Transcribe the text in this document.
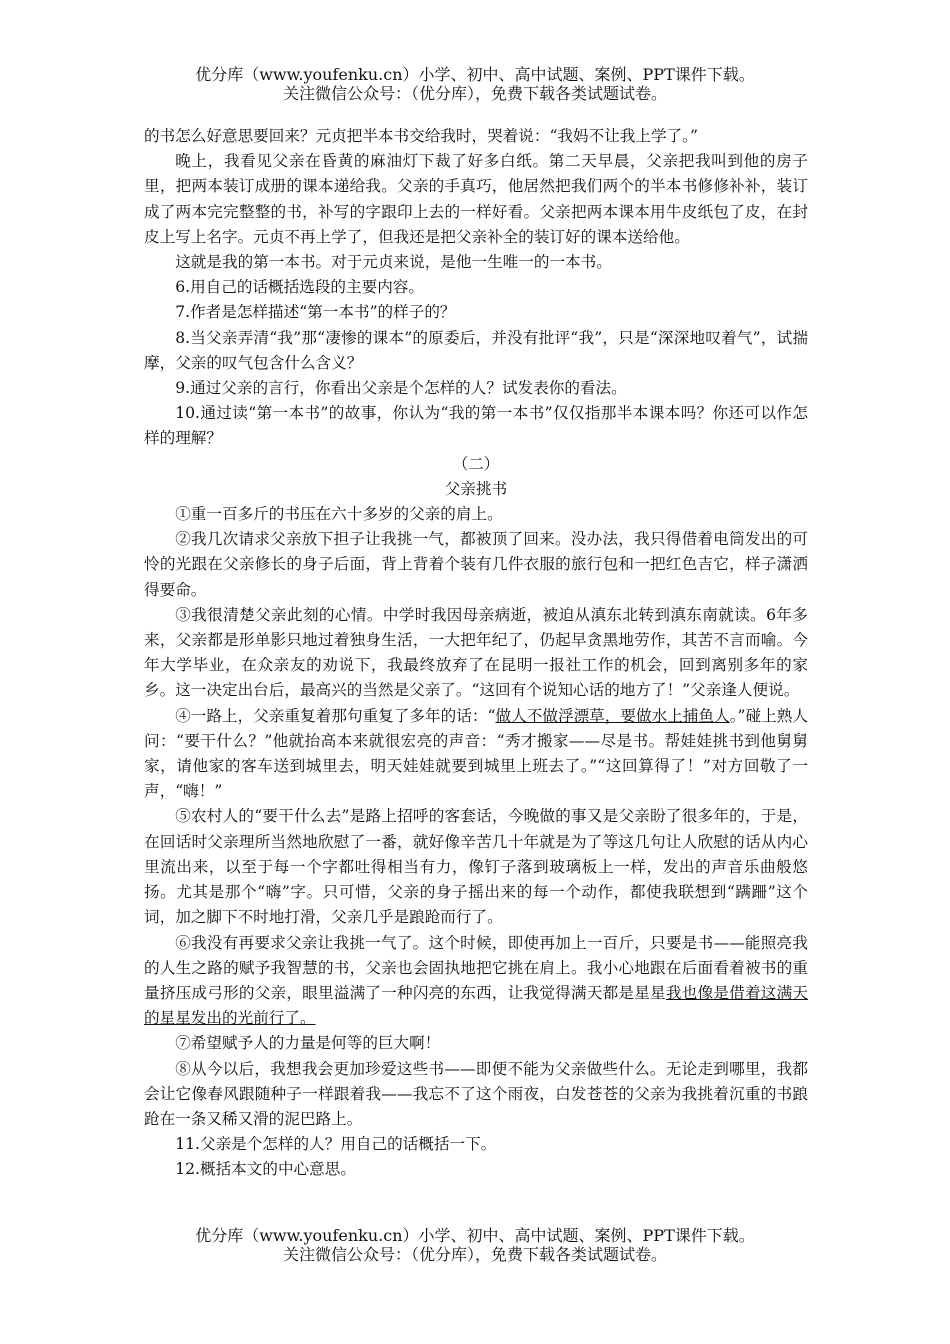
优分库（www.youfenku.cn）小学、初中、高中试题、案例、PPT课件下载。
关注微信公众号：（优分库），免费下载各类试题试卷。

的书怎么好意思要回来？元贞把半本书交给我时，哭着说：“我妈不让我上学了。”

晚上，我看见父亲在昏黄的麻油灯下裁了好多白纸。第二天早晨，父亲把我叫到他的房子里，把两本装订成册的课本递给我。父亲的手真巧，他居然把我们两个的半本书修修补补，装订成了两本完完整整的书，补写的字跟印上去的一样好看。父亲把两本课本用牛皮纸包了皮，在封皮上写上名字。元贞不再上学了，但我还是把父亲补全的装订好的课本送给他。

这就是我的第一本书。对于元贞来说，是他一生唯一的一本书。

6.用自己的话概括选段的主要内容。

7.作者是怎样描述“第一本书”的样子的？

8.当父亲弄清“我”那“凄惨的课本”的原委后，并没有批评“我”，只是“深深地叹着气”，试揣摩，父亲的叹气包含什么含义？

9.通过父亲的言行，你看出父亲是个怎样的人？试发表你的看法。

10.通过读“第一本书”的故事，你认为“我的第一本书”仅仅指那半本课本吗？你还可以作怎样的理解？

（二）

父亲挑书

①重一百多斤的书压在六十多岁的父亲的肩上。

②我几次请求父亲放下担子让我挑一气，都被顶了回来。没办法，我只得借着电筒发出的可怜的光跟在父亲修长的身子后面，背上背着个装有几件衣服的旅行包和一把红色吉它，样子潇洒得要命。

③我很清楚父亲此刻的心情。中学时我因母亲病逝，被迫从滇东北转到滇东南就读。6年多来，父亲都是形单影只地过着独身生活，一大把年纪了，仍起早贪黑地劳作，其苦不言而喻。今年大学毕业，在众亲友的劝说下，我最终放弃了在昆明一报社工作的机会，回到离别多年的家乡。这一决定出台后，最高兴的当然是父亲了。“这回有个说知心话的地方了！”父亲逢人便说。

④一路上，父亲重复着那句重复了多年的话：“做人不做浮漂草，要做水上捕鱼人。”碰上熟人问：“要干什么？”他就抬高本来就很宏亮的声音：“秀才搬家——尽是书。帮娃娃挑书到他舅舅家，请他家的客车送到城里去，明天娃娃就要到城里上班去了。”“这回算得了！”对方回敬了一声，“嗨！”

⑤农村人的“要干什么去”是路上招呼的客套话，今晚做的事又是父亲盼了很多年的，于是，在回话时父亲理所当然地欣慰了一番，就好像辛苦几十年就是为了等这几句让人欣慰的话从内心里流出来，以至于每一个字都吐得相当有力，像钉子落到玻璃板上一样，发出的声音乐曲般悠扬。尤其是那个“嗨”字。只可惜，父亲的身子摇出来的每一个动作，都使我联想到“蹒跚”这个词，加之脚下不时地打滑，父亲几乎是踉跄而行了。

⑥我没有再要求父亲让我挑一气了。这个时候，即使再加上一百斤，只要是书——能照亮我的人生之路的赋予我智慧的书，父亲也会固执地把它挑在肩上。我小心地跟在后面看着被书的重量挤压成弓形的父亲，眼里溢满了一种闪亮的东西，让我觉得满天都是星星我也像是借着这满天的星星发出的光前行了。

⑦希望赋予人的力量是何等的巨大啊！

⑧从今以后，我想我会更加珍爱这些书——即便不能为父亲做些什么。无论走到哪里，我都会让它像春风跟随种子一样跟着我——我忘不了这个雨夜，白发苍苍的父亲为我挑着沉重的书踉跄在一条又稀又滑的泥巴路上。

11.父亲是个怎样的人？用自己的话概括一下。

12.概括本文的中心意思。

优分库（www.youfenku.cn）小学、初中、高中试题、案例、PPT课件下载。
关注微信公众号：（优分库），免费下载各类试题试卷。
